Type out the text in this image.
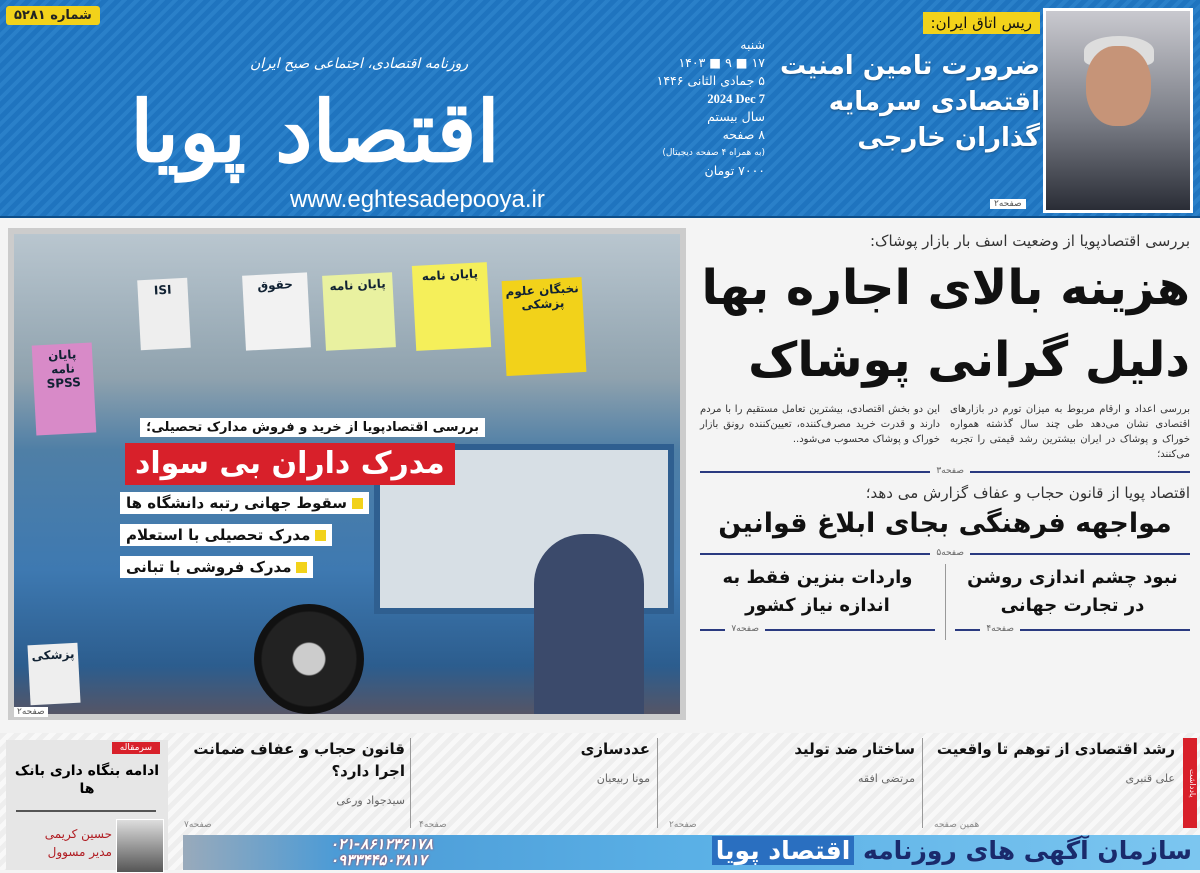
شماره ۵۲۸۱
روزنامه اقتصادی، اجتماعی صبح ایران
اقتصاد پویا
www.eghtesadepooya.ir
شنبه
۱۷ ■ ۹ ■ ۱۴۰۳
۵ جمادی الثانی ۱۴۴۶
2024 Dec 7
سال بیستم
۸ صفحه
(به همراه ۴ صفحه دیجیتال)
۷۰۰۰ تومان
ریس اتاق ایران:
ضرورت تامین امنیت اقتصادی سرمایه گذاران خارجی
صفحه۲
پایان نامه
حقوق
پایان نامه
نخبگان علوم پزشکی
ISI
پایان نامه SPSS
پزشکی
بررسی اقتصادپویا از خرید و فروش مدارک تحصیلی؛
مدرک داران بی سواد
سقوط جهانی رتبه دانشگاه ها
مدرک تحصیلی با استعلام
مدرک فروشی با تبانی
صفحه۲
بررسی اقتصادپویا از وضعیت اسف بار بازار پوشاک:
هزینه بالای اجاره بها دلیل گرانی پوشاک
بررسی اعداد و ارقام مربوط به میزان تورم در بازارهای اقتصادی نشان می‌دهد طی چند سال گذشته همواره خوراک و پوشاک در ایران بیشترین رشد قیمتی را تجربه می‌کنند؛
این دو بخش اقتصادی، بیشترین تعامل مستقیم را با مردم دارند و قدرت خرید مصرف‌کننده، تعیین‌کننده رونق بازار خوراک و پوشاک محسوب می‌شود..
صفحه۳
اقتصاد پویا از قانون حجاب و عفاف گزارش می دهد؛
مواجهه فرهنگی بجای ابلاغ قوانین
صفحه۵
نبود چشم اندازی روشن در تجارت جهانی
صفحه۴
واردات بنزین فقط به اندازه نیاز کشور
صفحه۷
یادداشت
رشد اقتصادی از توهم تا واقعیت
علی قنبری
همین صفحه
ساختار ضد تولید
مرتضی افقه
صفحه۲
عددسازی
مونا ربیعیان
صفحه۴
قانون حجاب و عفاف ضمانت اجرا دارد؟
سیدجواد ورعی
صفحه۷
سرمقاله
ادامه بنگاه داری بانک ها
حسین کریمی
مدیر مسوول	۰۲۱-۸۶۱۲۳۶۱۷۸
۰۹۳۳۴۴۵۰۳۸۱۷	سازمان آگهی های روزنامه اقتصاد پویا
